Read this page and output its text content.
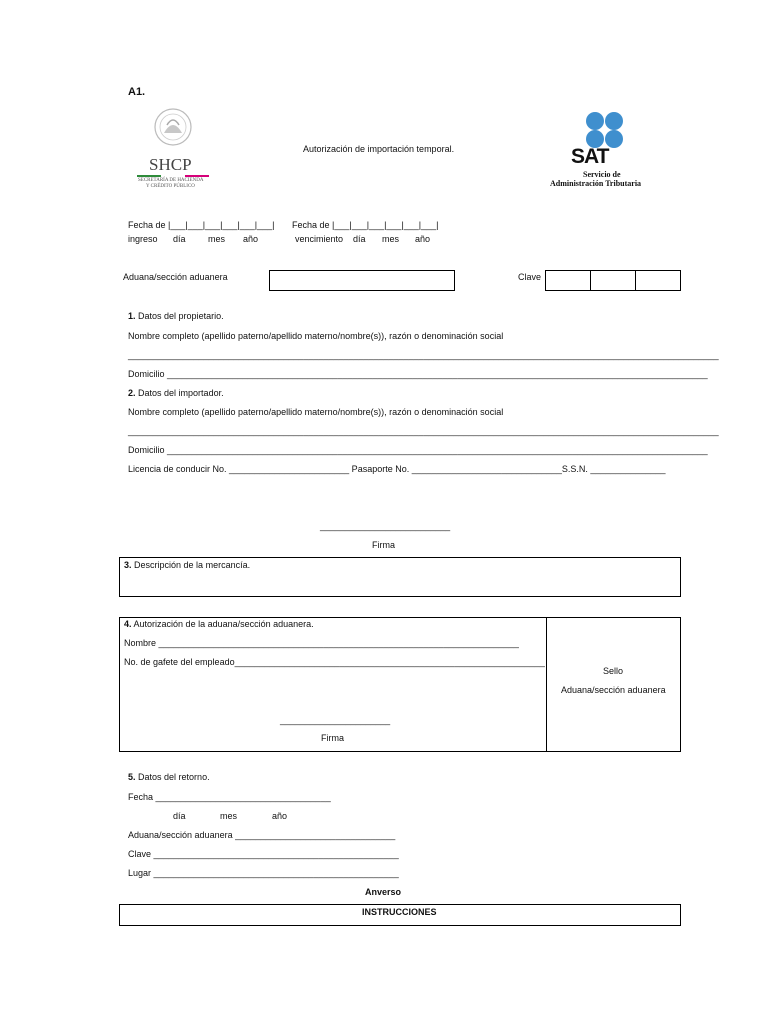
A1.
SHCP
SECRETARÍA DE HACIENDA
Y CRÉDITO PÚBLICO
Autorización de importación temporal.	SAT
Servicio de
Administración Tributaria
Fecha de |___|___|___|___|___|___|
ingreso día mes año
Fecha de |___|___|___|___|___|___|
vencimiento día mes año
Aduana/sección aduanera	Clave
1. Datos del propietario.
Nombre completo (apellido paterno/apellido materno/nombre(s)), razón o denominación social
______________________________________________________________________________________________________________________
Domicilio ____________________________________________________________________________________________________________
2. Datos del importador.
Nombre completo (apellido paterno/apellido materno/nombre(s)), razón o denominación social
______________________________________________________________________________________________________________________
Domicilio ____________________________________________________________________________________________________________
Licencia de conducir No. ________________________ Pasaporte No. ______________________________S.S.N. _______________
__________________________
Firma
3. Descripción de la mercancía.
4. Autorización de la aduana/sección aduanera.
Nombre ________________________________________________________________________
No. de gafete del empleado______________________________________________________________
______________________
Firma
Sello
Aduana/sección aduanera
5. Datos del retorno.
Fecha ___________________________________
día	mes	año
Aduana/sección aduanera ________________________________
Clave _________________________________________________
Lugar _________________________________________________
Anverso
INSTRUCCIONES
